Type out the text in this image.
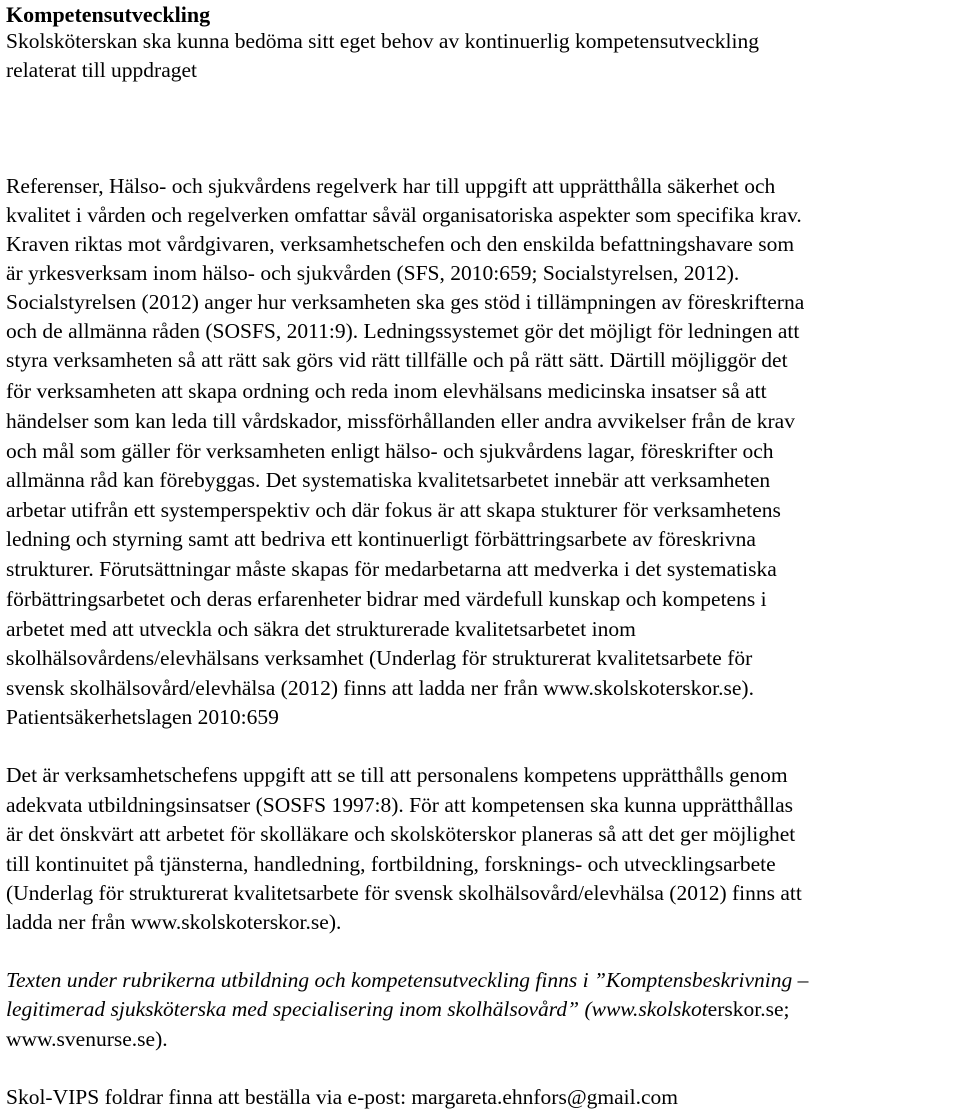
Kompetensutveckling
Skolsköterskan ska kunna bedöma sitt eget behov av kontinuerlig kompetensutveckling
relaterat till uppdraget
Referenser, Hälso- och sjukvårdens regelverk har till uppgift att upprätthålla säkerhet och
kvalitet i vården och regelverken omfattar såväl organisatoriska aspekter som specifika krav.
Kraven riktas mot vårdgivaren, verksamhetschefen och den enskilda befattningshavare som
är yrkesverksam inom hälso- och sjukvården (SFS, 2010:659; Socialstyrelsen, 2012).
Socialstyrelsen (2012) anger hur verksamheten ska ges stöd i tillämpningen av föreskrifterna
och de allmänna råden (SOSFS, 2011:9). Ledningssystemet gör det möjligt för ledningen att
styra verksamheten så att rätt sak görs vid rätt tillfälle och på rätt sätt. Därtill möjliggör det
för verksamheten att skapa ordning och reda inom elevhälsans medicinska insatser så att
händelser som kan leda till vårdskador, missförhållanden eller andra avvikelser från de krav
och mål som gäller för verksamheten enligt hälso- och sjukvårdens lagar, föreskrifter och
allmänna råd kan förebyggas. Det systematiska kvalitetsarbetet innebär att verksamheten
arbetar utifrån ett systemperspektiv och där fokus är att skapa stukturer för verksamhetens
ledning och styrning samt att bedriva ett kontinuerligt förbättringsarbete av föreskrivna
strukturer. Förutsättningar måste skapas för medarbetarna att medverka i det systematiska
förbättringsarbetet och deras erfarenheter bidrar med värdefull kunskap och kompetens i
arbetet med att utveckla och säkra det strukturerade kvalitetsarbetet inom
skolhälsovårdens/elevhälsans verksamhet (Underlag för strukturerat kvalitetsarbete för
svensk skolhälsovård/elevhälsa (2012) finns att ladda ner från www.skolskoterskor.se).
Patientsäkerhetslagen 2010:659
Det är verksamhetschefens uppgift att se till att personalens kompetens upprätthålls genom
adekvata utbildningsinsatser (SOSFS 1997:8). För att kompetensen ska kunna upprätthållas
är det önskvärt att arbetet för skolläkare och skolsköterskor planeras så att det ger möjlighet
till kontinuitet på tjänsterna, handledning, fortbildning, forsknings- och utvecklingsarbete
(Underlag för strukturerat kvalitetsarbete för svensk skolhälsovård/elevhälsa (2012) finns att
ladda ner från www.skolskoterskor.se).
Texten under rubrikerna utbildning och kompetensutveckling finns i ”Komptensbeskrivning –
legitimerad sjuksköterska med specialisering inom skolhälsovård” (www.skolskoterskor.se;
www.svenurse.se).
Skol-VIPS foldrar finna att beställa via e-post: margareta.ehnfors@gmail.com
